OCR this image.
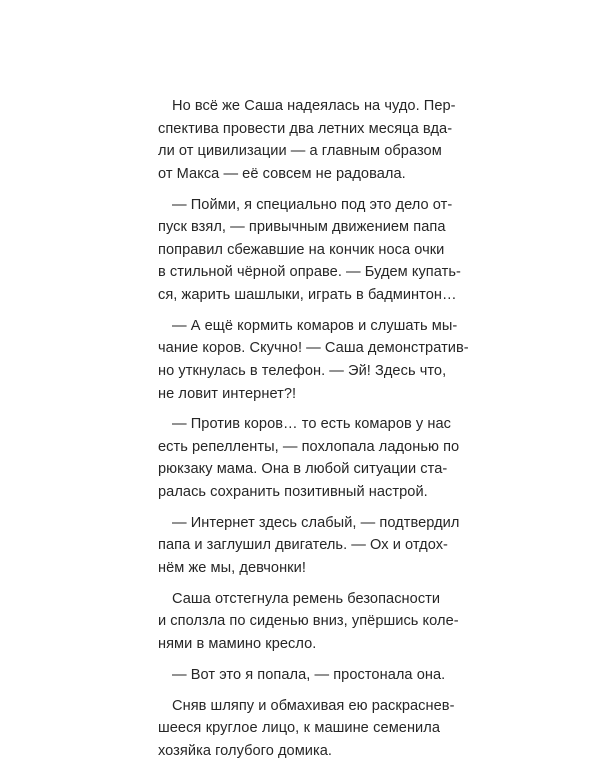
Но всё же Саша надеялась на чудо. Пер-
спектива провести два летних месяца вда-
ли от цивилизации — а главным образом
от Макса — её совсем не радовала.
— Пойми, я специально под это дело от-
пуск взял, — привычным движением папа
поправил сбежавшие на кончик носа очки
в стильной чёрной оправе. — Будем купать-
ся, жарить шашлыки, играть в бадминтон…
— А ещё кормить комаров и слушать мы-
чание коров. Скучно! — Саша демонстратив-
но уткнулась в телефон. — Эй! Здесь что,
не ловит интернет?!
— Против коров… то есть комаров у нас
есть репелленты, — похлопала ладонью по
рюкзаку мама. Она в любой ситуации ста-
ралась сохранить позитивный настрой.
— Интернет здесь слабый, — подтвердил
папа и заглушил двигатель. — Ох и отдох-
нём же мы, девчонки!
Саша отстегнула ремень безопасности
и сползла по сиденью вниз, упёршись коле-
нями в мамино кресло.
— Вот это я попала, — простонала она.
Сняв шляпу и обмахивая ею раскраснев-
шееся круглое лицо, к машине семенила
хозяйка голубого домика.
